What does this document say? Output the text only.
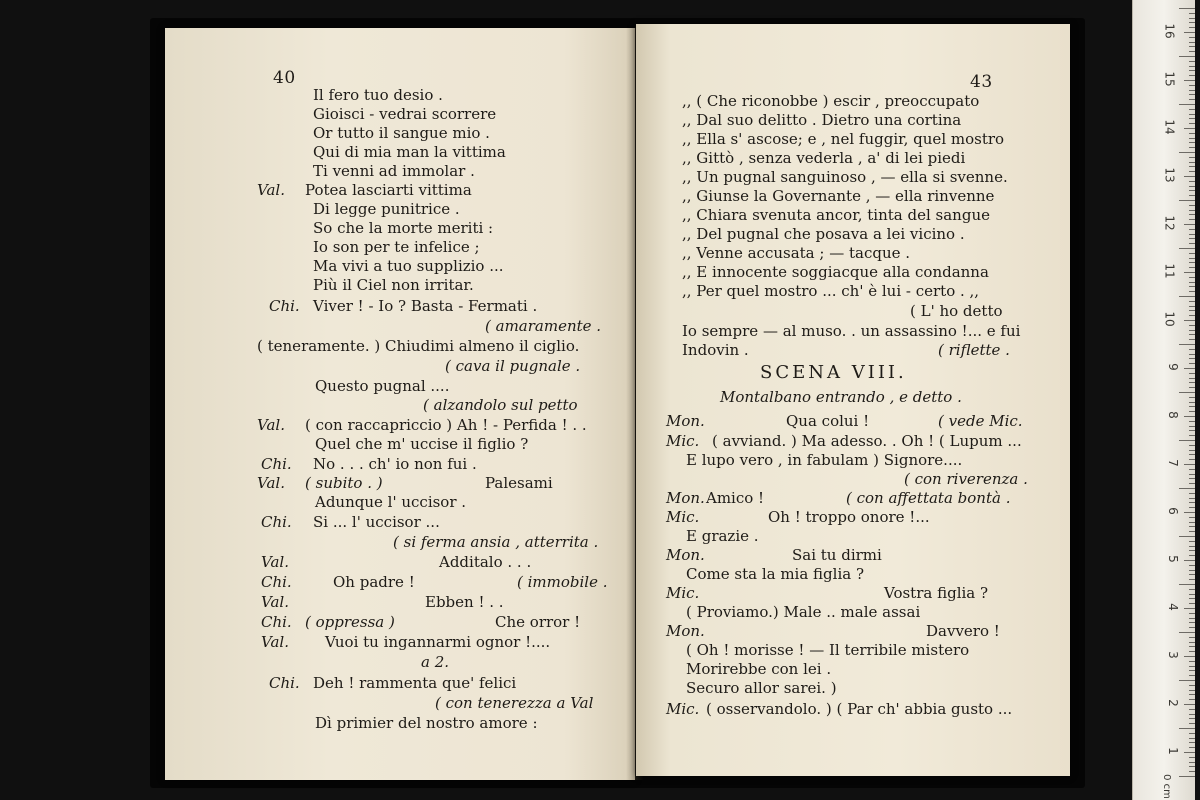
40
Il fero tuo desio .
Gioisci - vedrai scorrere
Or tutto il sangue mio .
Qui di mia man la vittima
Ti venni ad immolar .
Val. Potea lasciarti vittima
Di legge punitrice .
So che la morte meriti :
Io son per te infelice ;
Ma vivi a tuo supplizio ...
Più il Ciel non irritar.
Chi. Viver ! - Io ? Basta - Fermati .
( amaramente .
( teneramente. ) Chiudimi almeno il ciglio.
( cava il pugnale .
Questo pugnal ....
( alzandolo sul petto
Val. ( con raccapriccio ) Ah ! - Perfida ! . .
Quel che m' uccise il figlio ?
Chi. No . . . ch' io non fui .
Val. ( subito . )	Palesami
Adunque l' uccisor .
Chi. Si ... l' uccisor ...
( si ferma ansia , atterrita .
Val.	Additalo . . .
Chi.	Oh padre !	( immobile .
Val.	Ebben ! . .
Chi. ( oppressa )	Che orror !
Val. Vuoi tu ingannarmi ognor !....
a 2.
Chi. Deh ! rammenta que' felici
( con tenerezza a Val
Dì primier del nostro amore :
43
,, ( Che riconobbe ) escir , preoccupato
,, Dal suo delitto . Dietro una cortina
,, Ella s' ascose; e , nel fuggir, quel mostro
,, Gittò , senza vederla , a' di lei piedi
,, Un pugnal sanguinoso , — ella si svenne.
,, Giunse la Governante , — ella rinvenne
,, Chiara svenuta ancor, tinta del sangue
,, Del pugnal che posava a lei vicino .
,, Venne accusata ; — tacque .
,, E innocente soggiacque alla condanna
,, Per quel mostro ... ch' è lui - certo . ,,
( L' ho detto
Io sempre — al muso. . un assassino !... e fui
Indovin .	( riflette .
SCENA VIII.
Montalbano entrando , e detto .
Mon.	Qua colui !	( vede Mic.
Mic. ( avviand. ) Ma adesso. . Oh ! ( Lupum ...
E lupo vero , in fabulam ) Signore....
( con riverenza .
Mon. Amico !	( con affettata bontà .
Mic.	Oh ! troppo onore !...
E grazie .
Mon.	Sai tu dirmi
Come sta la mia figlia ?
Mic.	Vostra figlia ?
( Proviamo.) Male .. male assai
Mon.	Davvero !
( Oh ! morisse ! — Il terribile mistero
Morirebbe con lei .
Securo allor sarei. )
Mic. ( osservandolo. ) ( Par ch' abbia gusto ...
16
15
14
13
12
11
10
9
8
7
6
5
4
3
2
1
0 cm
